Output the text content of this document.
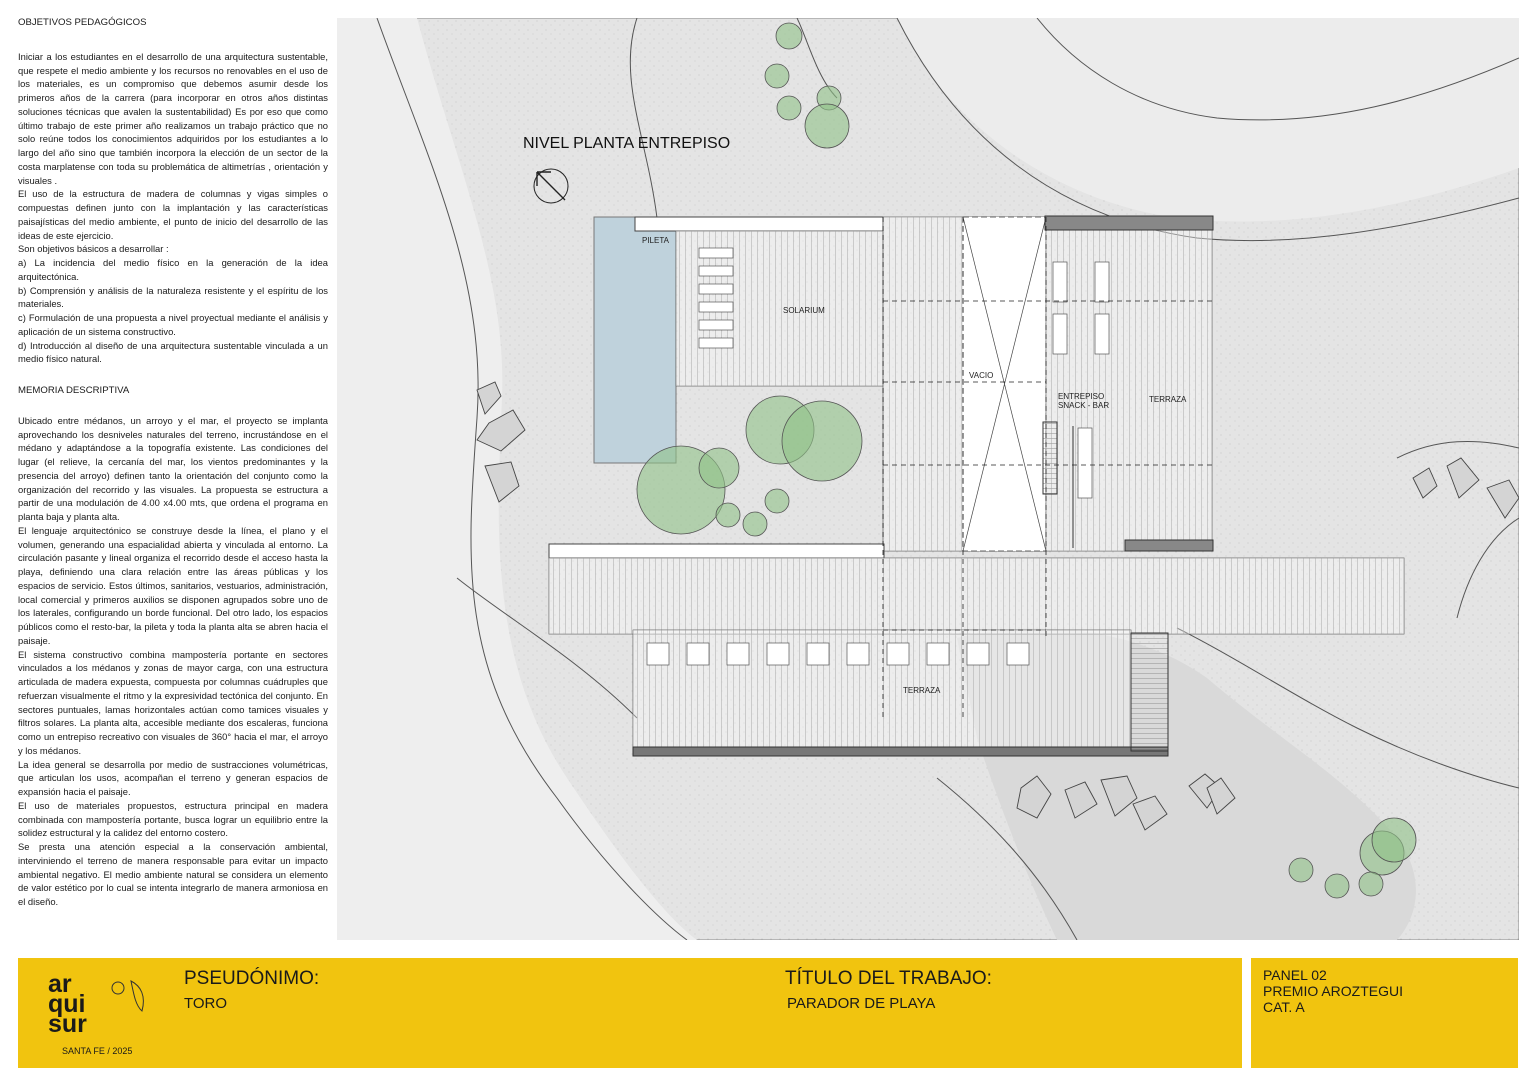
OBJETIVOS PEDAGÓGICOS

Iniciar a los estudiantes en el desarrollo de una arquitectura sustentable, que respete el medio ambiente y los recursos no renovables en el uso de los materiales, es un compromiso que debemos asumir desde los primeros años de la carrera (para incorporar en otros años distintas soluciones técnicas que avalen la sustentabilidad) Es por eso que como último trabajo de este primer año realizamos un trabajo práctico que no solo reúne todos los conocimientos adquiridos por los estudiantes a lo largo del año sino que también incorpora la elección de un sector de la costa marplatense con toda su problemática de altimetrías , orientación y visuales .

El uso de la estructura de madera de columnas y vigas simples o compuestas definen junto con la implantación y las características paisajísticas del medio ambiente, el punto de inicio del desarrollo de las ideas de este ejercicio.

Son objetivos básicos a desarrollar :

a) La incidencia del medio físico en la generación de la idea arquitectónica.

b) Comprensión y análisis de la naturaleza resistente y el espíritu de los materiales.

c) Formulación de una propuesta a nivel proyectual mediante el análisis y aplicación de un sistema constructivo.

d) Introducción al diseño de una arquitectura sustentable vinculada a un medio físico natural.

MEMORIA DESCRIPTIVA

Ubicado entre médanos, un arroyo y el mar, el proyecto se implanta aprovechando los desniveles naturales del terreno, incrustándose en el médano y adaptándose a la topografía existente. Las condiciones del lugar (el relieve, la cercanía del mar, los vientos predominantes y la presencia del arroyo) definen tanto la orientación del conjunto como la organización del recorrido y las visuales. La propuesta se estructura a partir de una modulación de 4.00 x4.00 mts, que ordena el programa en planta baja y planta alta.

El lenguaje arquitectónico se construye desde la línea, el plano y el volumen, generando una espacialidad abierta y vinculada al entorno. La circulación pasante y lineal organiza el recorrido desde el acceso hasta la playa, definiendo una clara relación entre las áreas públicas y los espacios de servicio. Estos últimos, sanitarios, vestuarios, administración, local comercial y primeros auxilios se disponen agrupados sobre uno de los laterales, configurando un borde funcional. Del otro lado, los espacios públicos como el resto-bar, la pileta y toda la planta alta se abren hacia el paisaje.

El sistema constructivo combina mampostería portante en sectores vinculados a los médanos y zonas de mayor carga, con una estructura articulada de madera expuesta, compuesta por columnas cuádruples que refuerzan visualmente el ritmo y la expresividad tectónica del conjunto. En sectores puntuales, lamas horizontales actúan como tamices visuales y filtros solares. La planta alta, accesible mediante dos escaleras, funciona como un entrepiso recreativo con visuales de 360° hacia el mar, el arroyo y los médanos.

La idea general se desarrolla por medio de sustracciones volumétricas, que articulan los usos, acompañan el terreno y generan espacios de expansión hacia el paisaje.

El uso de materiales propuestos, estructura principal en madera combinada con mampostería portante, busca lograr un equilibrio entre la solidez estructural y la calidez del entorno costero.

Se presta una atención especial a la conservación ambiental, interviniendo el terreno de manera responsable para evitar un impacto ambiental negativo. El medio ambiente natural se considera un elemento de valor estético por lo cual se intenta integrarlo de manera armoniosa en el diseño.

NIVEL PLANTA ENTREPISO
PILETA
SOLARIUM
VACIO
ENTREPISO
SNACK - BAR
TERRAZA
TERRAZA
ar
qui
sur
SANTA FE / 2025
PSEUDÓNIMO:
TORO
TÍTULO DEL TRABAJO:
PARADOR DE PLAYA
PANEL 02
PREMIO AROZTEGUI
CAT. A
